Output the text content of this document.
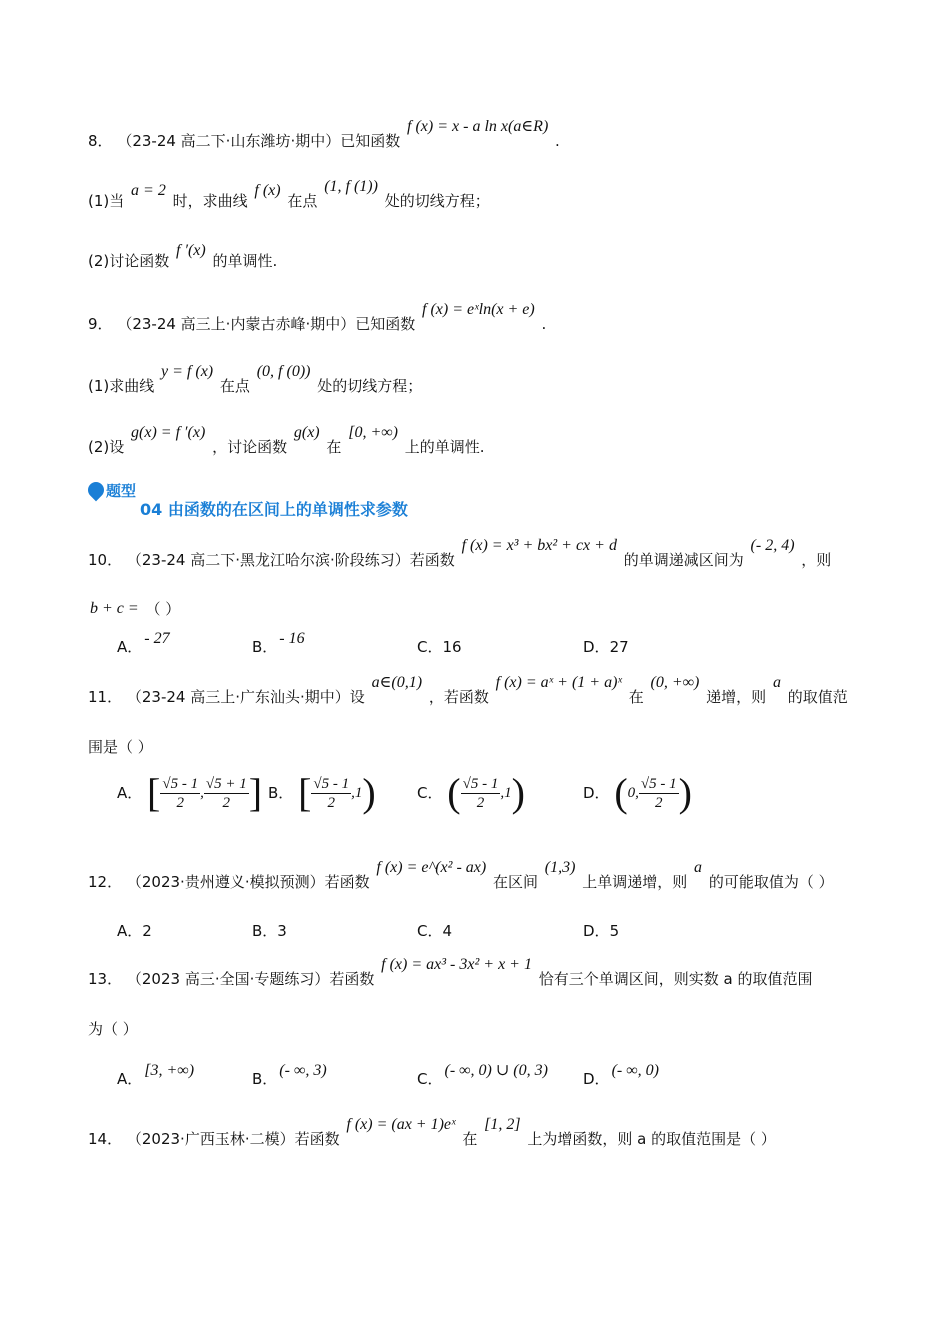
8． （23-24 高二下·山东潍坊·期中）已知函数 f (x) = x - a ln x(a∈R) .
(1)当 a = 2 时，求曲线 f (x) 在点 (1, f (1)) 处的切线方程；
(2)讨论函数 f ′(x) 的单调性.
9． （23-24 高三上·内蒙古赤峰·期中）已知函数 f (x) = eˣln(x + e) .
(1)求曲线 y = f (x) 在点 (0, f (0)) 处的切线方程；
(2)设 g(x) = f ′(x) ，讨论函数 g(x) 在 [0, +∞) 上的单调性.
题型
04 由函数的在区间上的单调性求参数
10． （23-24 高二下·黑龙江哈尔滨·阶段练习）若函数 f (x) = x³ + bx² + cx + d 的单调递减区间为 (- 2, 4) ，则
b + c = （ ）
A． - 27	B． - 16	C．16	D．27
11． （23-24 高三上·广东汕头·期中）设 a∈(0,1) ，若函数 f (x) = aˣ + (1 + a)ˣ 在 (0, +∞) 递增，则 a 的取值范
围是（ ）
A． [ $\frac{√5 - 1}{2}$ , $\frac{√5 + 1}{2}$ ] B． [ $\frac{√5 - 1}{2} ,1$ )	C． ( $\frac{√5 - 1}{2} ,1$ )	D． ( 0, $\frac{√5 - 1}{2}$ )
12． （2023·贵州遵义·模拟预测）若函数 f (x) = e^(x² - ax) 在区间 (1,3) 上单调递增，则 a 的可能取值为（ ）
A．2	B．3	C．4	D．5
13． （2023 高三·全国·专题练习）若函数 f (x) = ax³ - 3x² + x + 1 恰有三个单调区间，则实数 a 的取值范围
为（ ）
A． [3, +∞)	B． (- ∞, 3)	C． (- ∞, 0) ∪ (0, 3) D． (- ∞, 0)
14． （2023·广西玉林·二模）若函数 f (x) = (ax + 1)eˣ 在 [1, 2] 上为增函数，则 a 的取值范围是（ ）
